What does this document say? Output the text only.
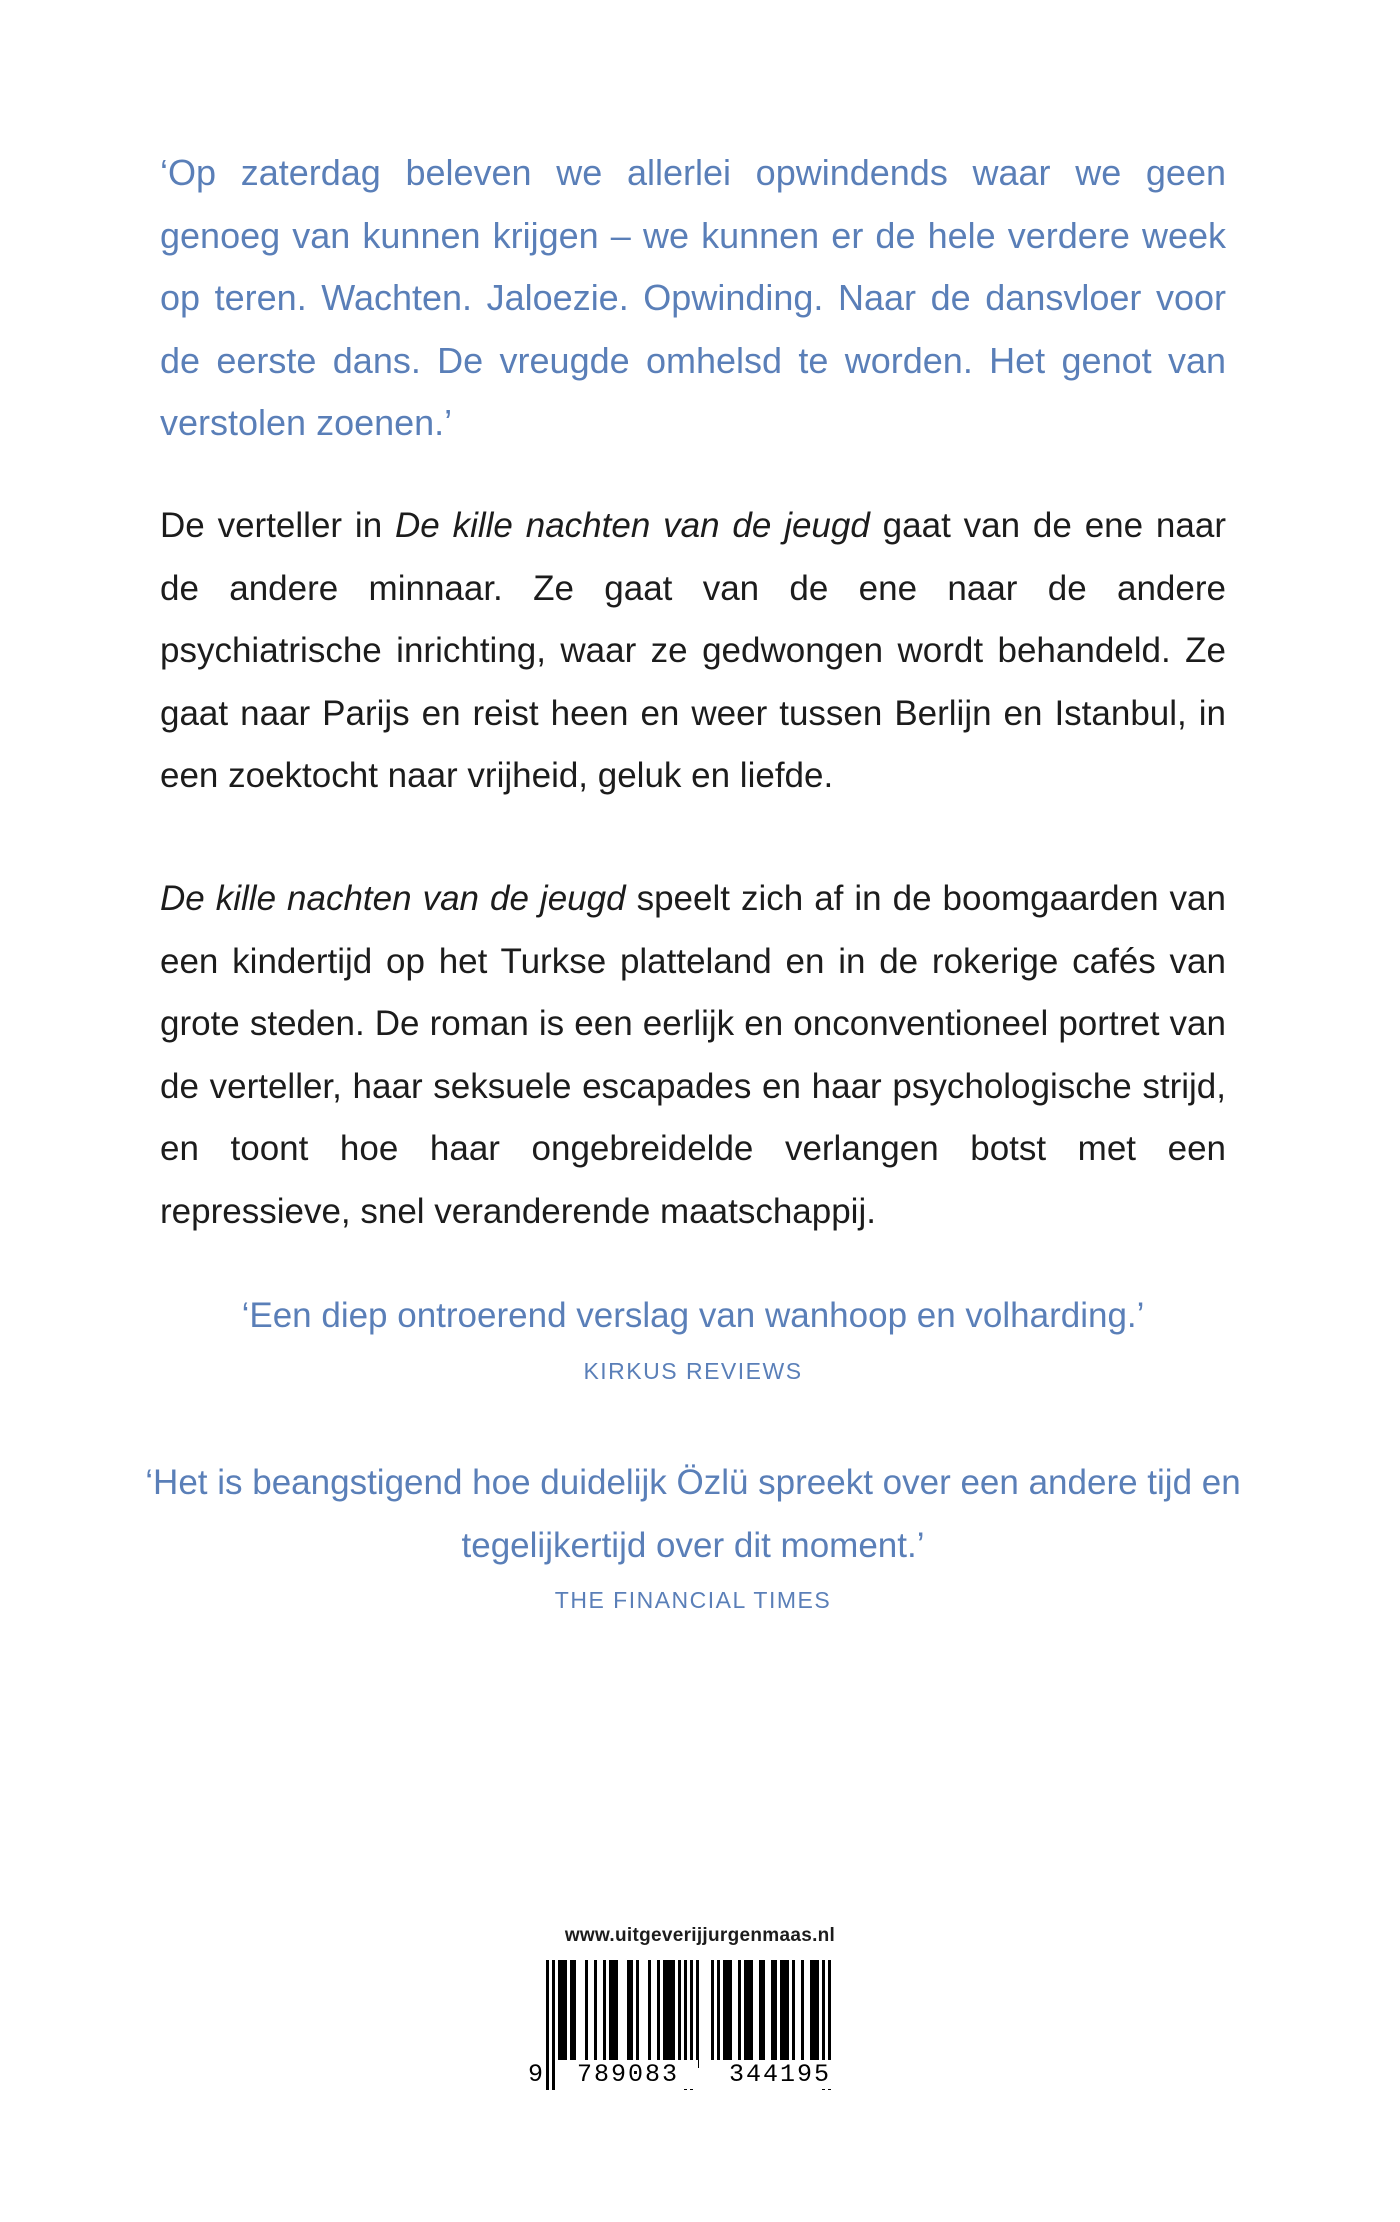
‘Op zaterdag beleven we allerlei opwindends waar we geen genoeg van kunnen krijgen – we kunnen er de hele verdere week op teren. Wachten. Jaloezie. Opwinding. Naar de dansvloer voor de eerste dans. De vreugde omhelsd te worden. Het genot van verstolen zoenen.’

De verteller in De kille nachten van de jeugd gaat van de ene naar de andere minnaar. Ze gaat van de ene naar de andere psychiatrische inrichting, waar ze gedwongen wordt behandeld. Ze gaat naar Parijs en reist heen en weer tussen Berlijn en Istanbul, in een zoektocht naar vrijheid, geluk en liefde.

De kille nachten van de jeugd speelt zich af in de boomgaarden van een kindertijd op het Turkse platteland en in de rokerige cafés van grote steden. De roman is een eerlijk en onconventioneel portret van de verteller, haar seksuele escapades en haar psychologische strijd, en toont hoe haar ongebreidelde verlangen botst met een repressieve, snel veranderende maatschappij.

‘Een diep ontroerend verslag van wanhoop en volharding.’

KIRKUS REVIEWS

‘Het is beangstigend hoe duidelijk Özlü spreekt over een andere tijd en tegelijkertijd over dit moment.’

THE FINANCIAL TIMES

www.uitgeverijjurgenmaas.nl
9	789083	344195
